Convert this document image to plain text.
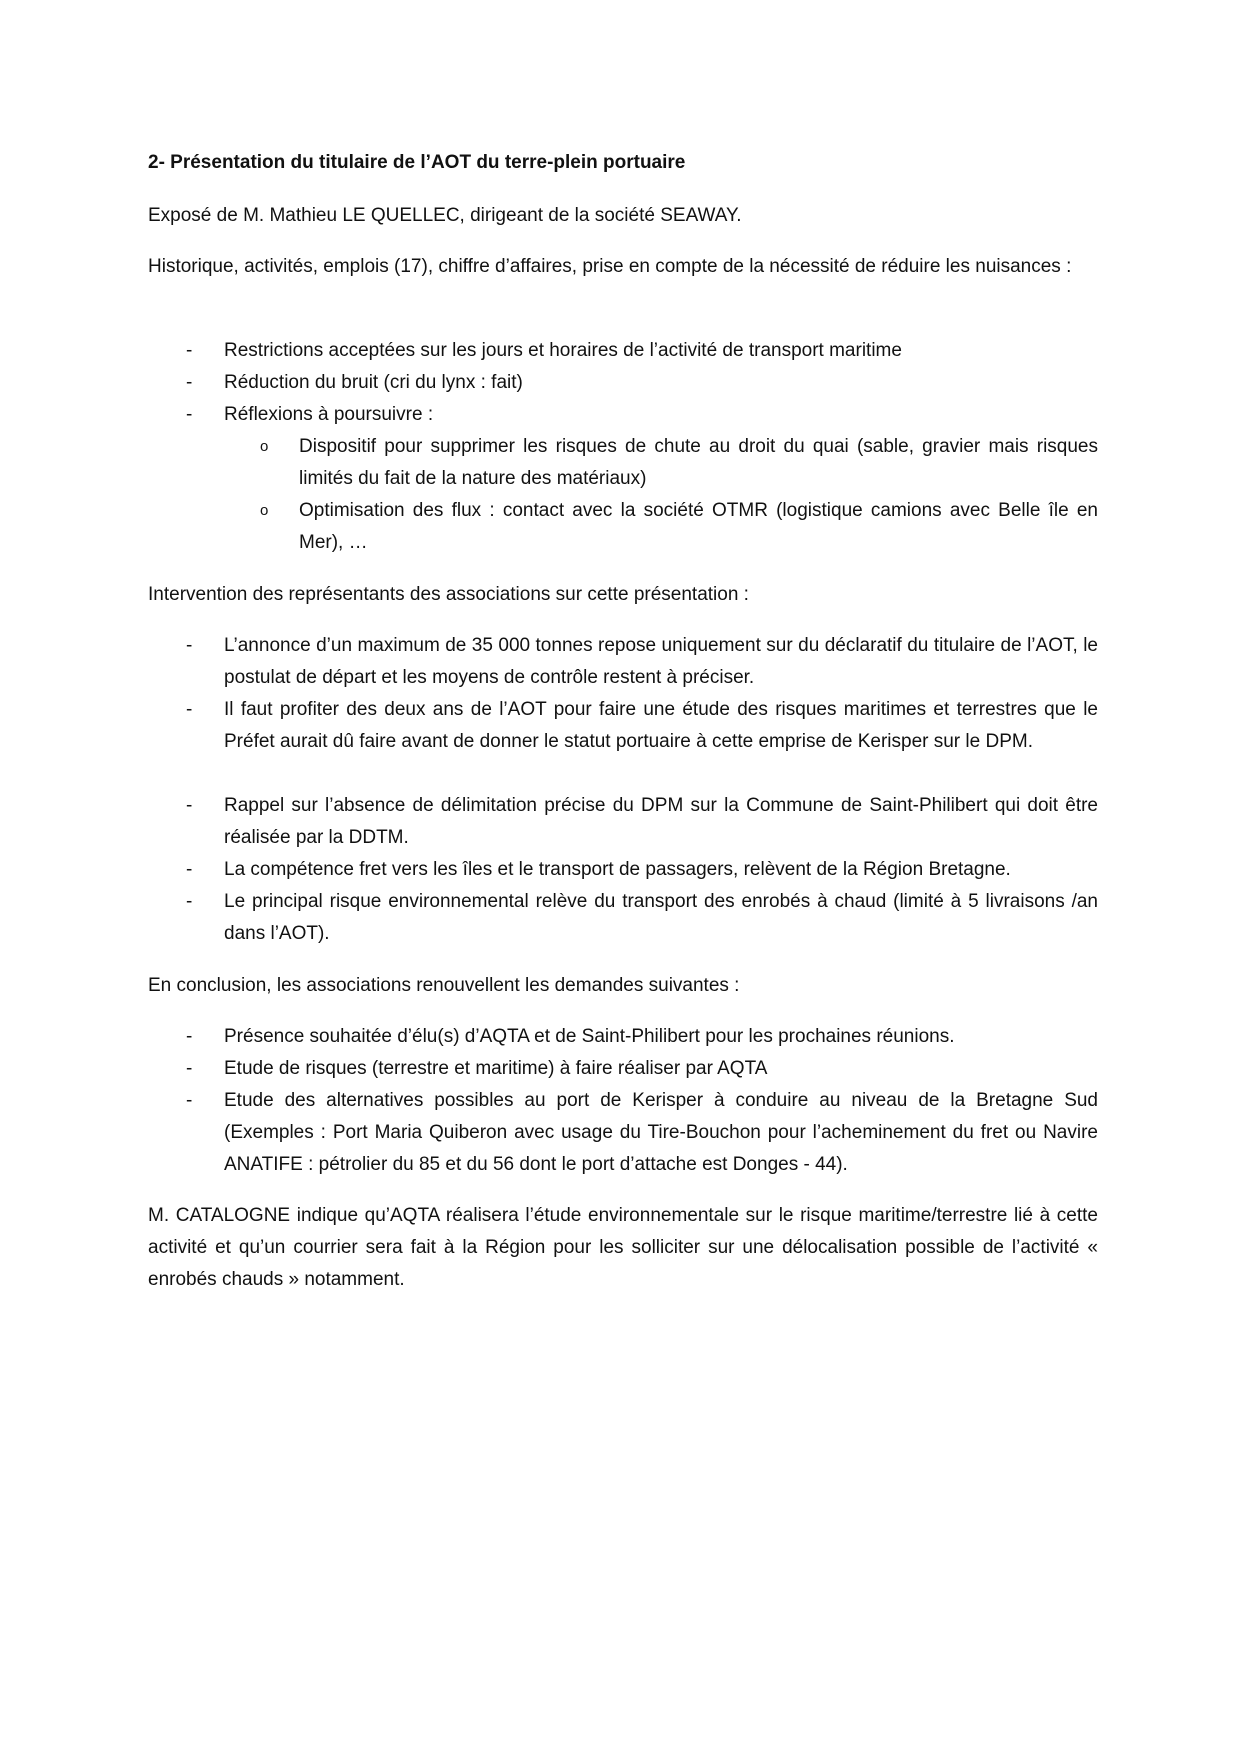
2- Présentation du titulaire de l’AOT du terre-plein portuaire
Exposé de M. Mathieu LE QUELLEC, dirigeant de la société SEAWAY.
Historique, activités, emplois (17), chiffre d’affaires, prise en compte de la nécessité de réduire les nuisances :
- Restrictions acceptées sur les jours et horaires de l’activité de transport maritime
- Réduction du bruit (cri du lynx : fait)
- Réflexions à poursuivre :
o Dispositif pour supprimer les risques de chute au droit du quai (sable, gravier mais risques limités du fait de la nature des matériaux)
o Optimisation des flux : contact avec la société OTMR (logistique camions avec Belle île en Mer), …
Intervention des représentants des associations sur cette présentation :
- L’annonce d’un maximum de 35 000 tonnes repose uniquement sur du déclaratif du titulaire de l’AOT, le postulat de départ et les moyens de contrôle restent à préciser.
- Il faut profiter des deux ans de l’AOT pour faire une étude des risques maritimes et terrestres que le Préfet aurait dû faire avant de donner le statut portuaire à cette emprise de Kerisper sur le DPM.
- Rappel sur l’absence de délimitation précise du DPM sur la Commune de Saint-Philibert qui doit être réalisée par la DDTM.
- La compétence fret vers les îles et le transport de passagers, relèvent de la Région Bretagne.
- Le principal risque environnemental relève du transport des enrobés à chaud (limité à 5 livraisons /an dans l’AOT).
En conclusion, les associations renouvellent les demandes suivantes :
- Présence souhaitée d’élu(s) d’AQTA et de Saint-Philibert pour les prochaines réunions.
- Etude de risques (terrestre et maritime) à faire réaliser par AQTA
- Etude des alternatives possibles au port de Kerisper à conduire au niveau de la Bretagne Sud (Exemples : Port Maria Quiberon avec usage du Tire-Bouchon pour l’acheminement du fret ou Navire ANATIFE : pétrolier du 85 et du 56 dont le port d’attache est Donges - 44).
M. CATALOGNE indique qu’AQTA réalisera l’étude environnementale sur le risque maritime/terrestre lié à cette activité et qu’un courrier sera fait à la Région pour les solliciter sur une délocalisation possible de l’activité « enrobés chauds » notamment.
